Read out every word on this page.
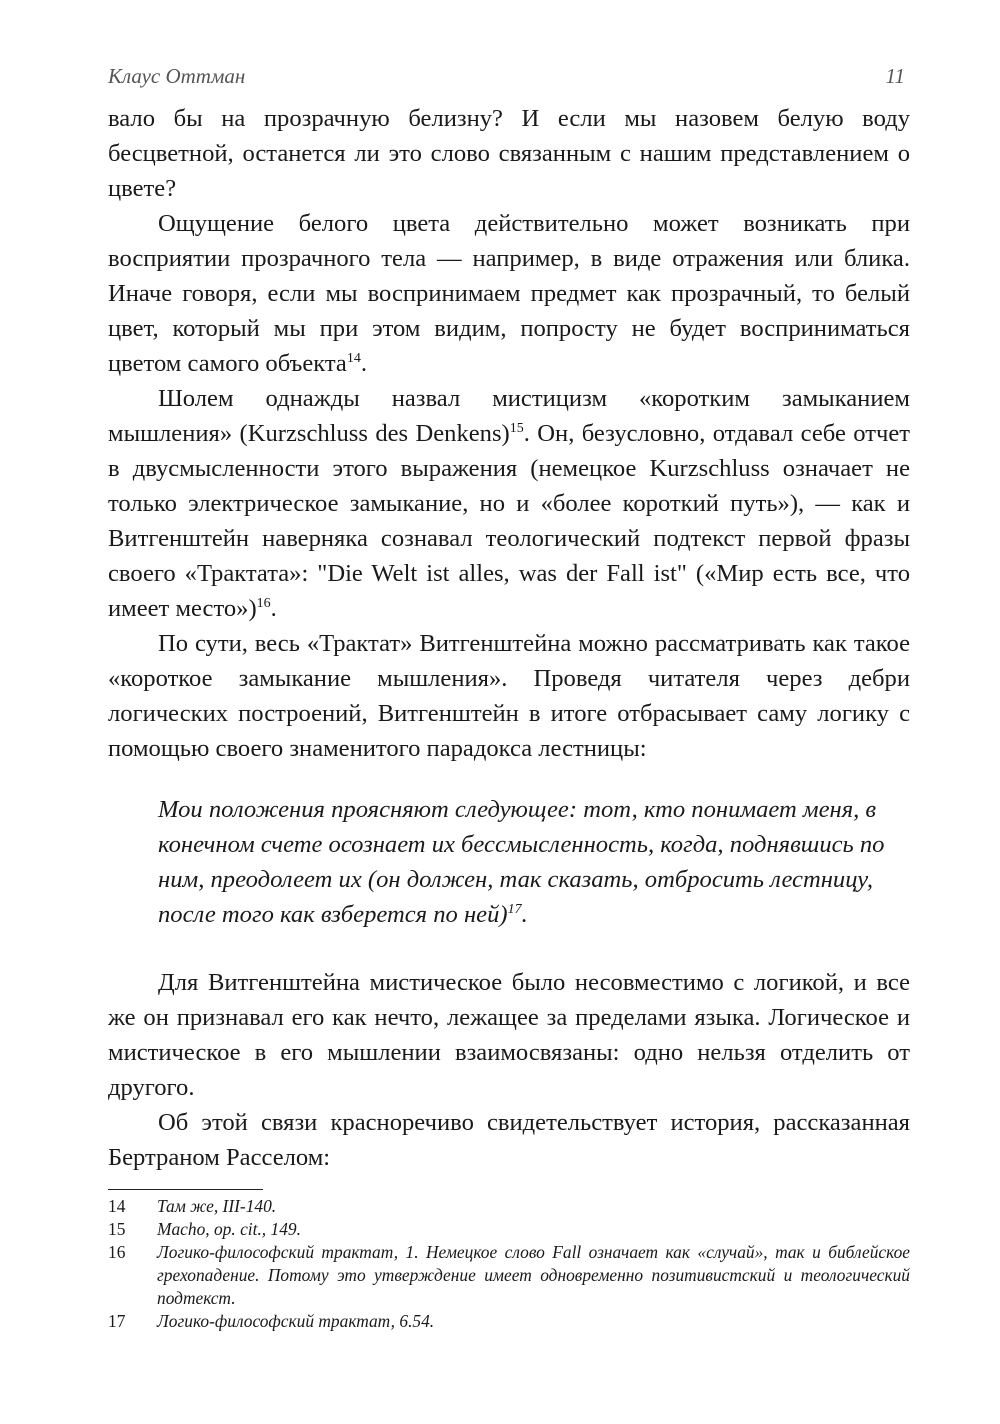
Клаус Оттман	11

вало бы на прозрачную белизну? И если мы назовем белую воду бесцветной, останется ли это слово связанным с нашим представлением о цвете?

Ощущение белого цвета действительно может возникать при восприятии прозрачного тела — например, в виде отражения или блика. Иначе говоря, если мы воспринимаем предмет как прозрачный, то белый цвет, который мы при этом видим, попросту не будет восприниматься цветом самого объекта$^{14}$.

Шолем однажды назвал мистицизм «коротким замыканием мышления» (Kurzschluss des Denkens)$^{15}$. Он, безусловно, отдавал себе отчет в двусмысленности этого выражения (немецкое Kurzschluss означает не только электрическое замыкание, но и «более короткий путь»), — как и Витгенштейн наверняка сознавал теологический подтекст первой фразы своего «Трактата»: "Die Welt ist alles, was der Fall ist" («Мир есть все, что имеет место»)$^{16}$.

По сути, весь «Трактат» Витгенштейна можно рассматривать как такое «короткое замыкание мышления». Проведя читателя через дебри логических построений, Витгенштейн в итоге отбрасывает саму логику с помощью своего знаменитого парадокса лестницы:

Мои положения проясняют следующее: тот, кто понимает меня, в конечном счете осознает их бессмысленность, когда, поднявшись по ним, преодолеет их (он должен, так сказать, отбросить лестницу, после того как взберется по ней)$^{17}$.

Для Витгенштейна мистическое было несовместимо с логикой, и все же он признавал его как нечто, лежащее за пределами языка. Логическое и мистическое в его мышлении взаимосвязаны: одно нельзя отделить от другого.

Об этой связи красноречиво свидетельствует история, рассказанная Бертраном Расселом:

14 Там же, III-140.
15 Macho, op. cit., 149.
16 Логико-философский трактат, 1. Немецкое слово Fall означает как «случай», так и библейское грехопадение. Потому это утверждение имеет одновременно позитивистский и теологический подтекст.
17 Логико-философский трактат, 6.54.
